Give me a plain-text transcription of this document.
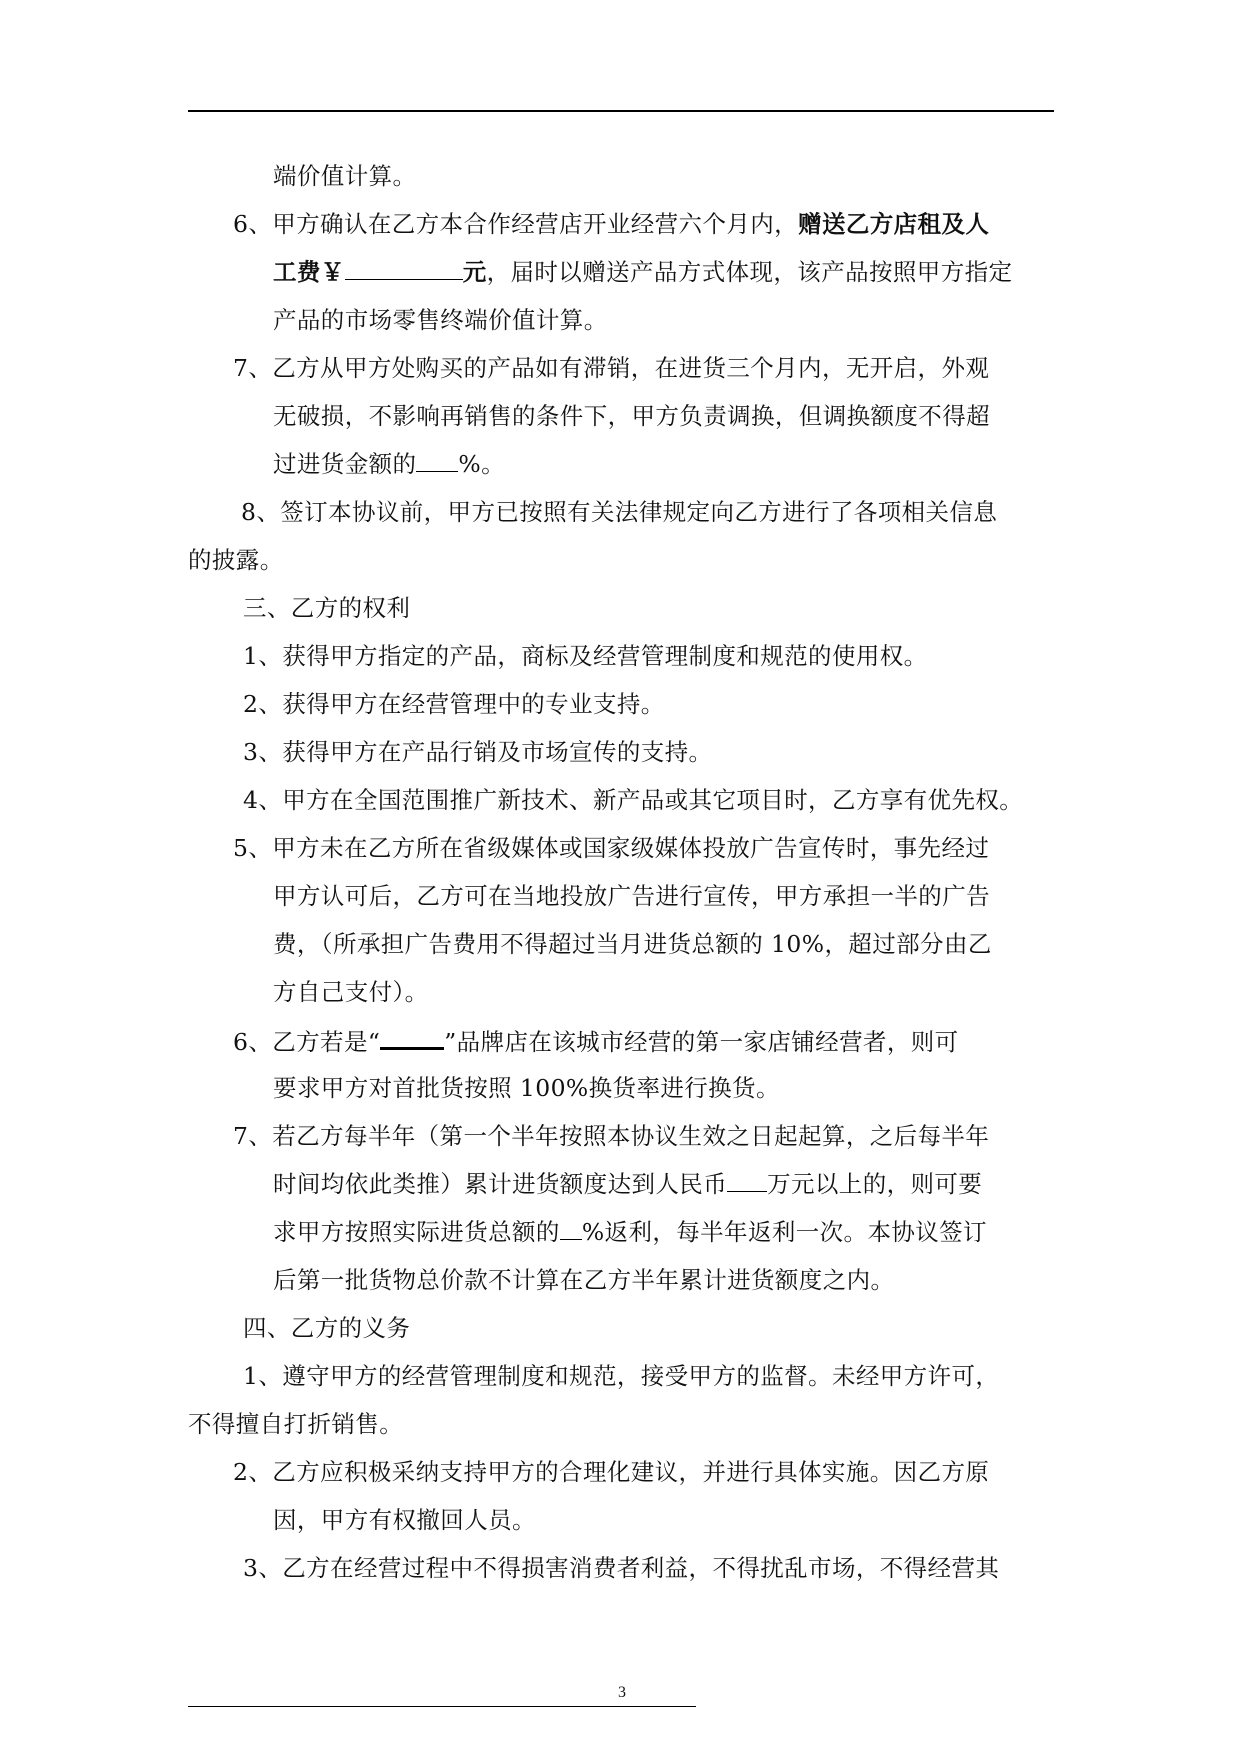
端价值计算。
6、甲方确认在乙方本合作经营店开业经营六个月内，赠送乙方店租及人
工费￥	元，届时以赠送产品方式体现，该产品按照甲方指定
产品的市场零售终端价值计算。
7、乙方从甲方处购买的产品如有滞销，在进货三个月内，无开启，外观
无破损，不影响再销售的条件下，甲方负责调换，但调换额度不得超
过进货金额的 %。
8、签订本协议前，甲方已按照有关法律规定向乙方进行了各项相关信息
的披露。
三、乙方的权利
1、获得甲方指定的产品，商标及经营管理制度和规范的使用权。
2、获得甲方在经营管理中的专业支持。
3、获得甲方在产品行销及市场宣传的支持。
4、甲方在全国范围推广新技术、新产品或其它项目时，乙方享有优先权。
5、甲方未在乙方所在省级媒体或国家级媒体投放广告宣传时，事先经过
甲方认可后，乙方可在当地投放广告进行宣传，甲方承担一半的广告
费，（所承担广告费用不得超过当月进货总额的 10%，超过部分由乙
方自己支付）。
6、乙方若是“	”品牌店在该城市经营的第一家店铺经营者，则可
要求甲方对首批货按照 100%换货率进行换货。
7、若乙方每半年（第一个半年按照本协议生效之日起起算，之后每半年
时间均依此类推）累计进货额度达到人民币 万元以上的，则可要
求甲方按照实际进货总额的 %返利，每半年返利一次。本协议签订
后第一批货物总价款不计算在乙方半年累计进货额度之内。
四、乙方的义务
1、遵守甲方的经营管理制度和规范，接受甲方的监督。未经甲方许可，
不得擅自打折销售。
2、乙方应积极采纳支持甲方的合理化建议，并进行具体实施。因乙方原
因，甲方有权撤回人员。
3、乙方在经营过程中不得损害消费者利益，不得扰乱市场，不得经营其
3
